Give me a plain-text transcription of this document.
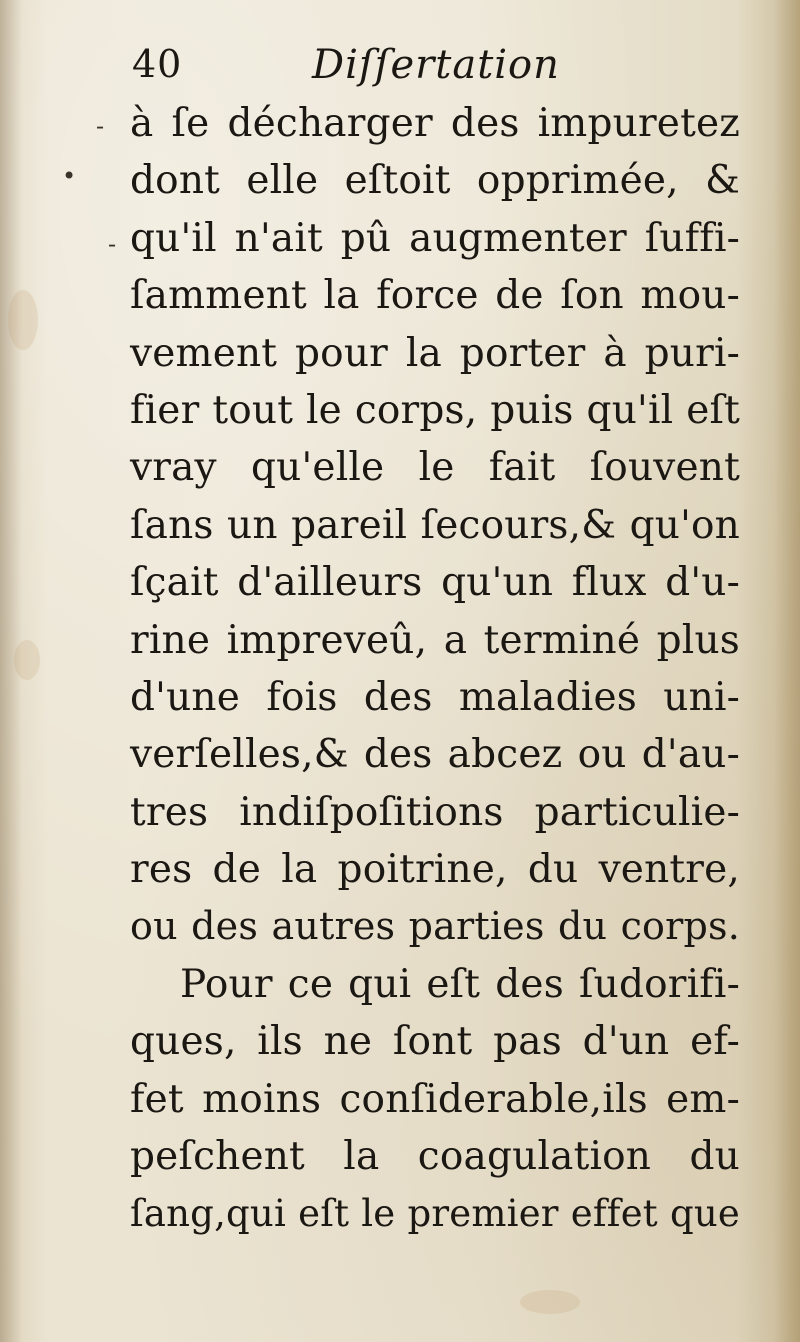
-
•
-
40	Diſſertation
à ſe décharger des impuretez
dont elle eſtoit opprimée, &
qu'il n'ait pû augmenter ſuffi-
ſamment la force de ſon mou-
vement pour la porter à puri-
fier tout le corps, puis qu'il eſt
vray qu'elle le fait ſouvent
ſans un pareil ſecours,& qu'on
ſçait d'ailleurs qu'un flux d'u-
rine impreveû, a terminé plus
d'une fois des maladies uni-
verſelles,& des abcez ou d'au-
tres indiſpoſitions particulie-
res de la poitrine, du ventre,
ou des autres parties du corps.
Pour ce qui eſt des ſudorifi-
ques, ils ne ſont pas d'un ef-
fet moins conſiderable,ils em-
peſchent la coagulation du
ſang,qui eſt le premier effet que
